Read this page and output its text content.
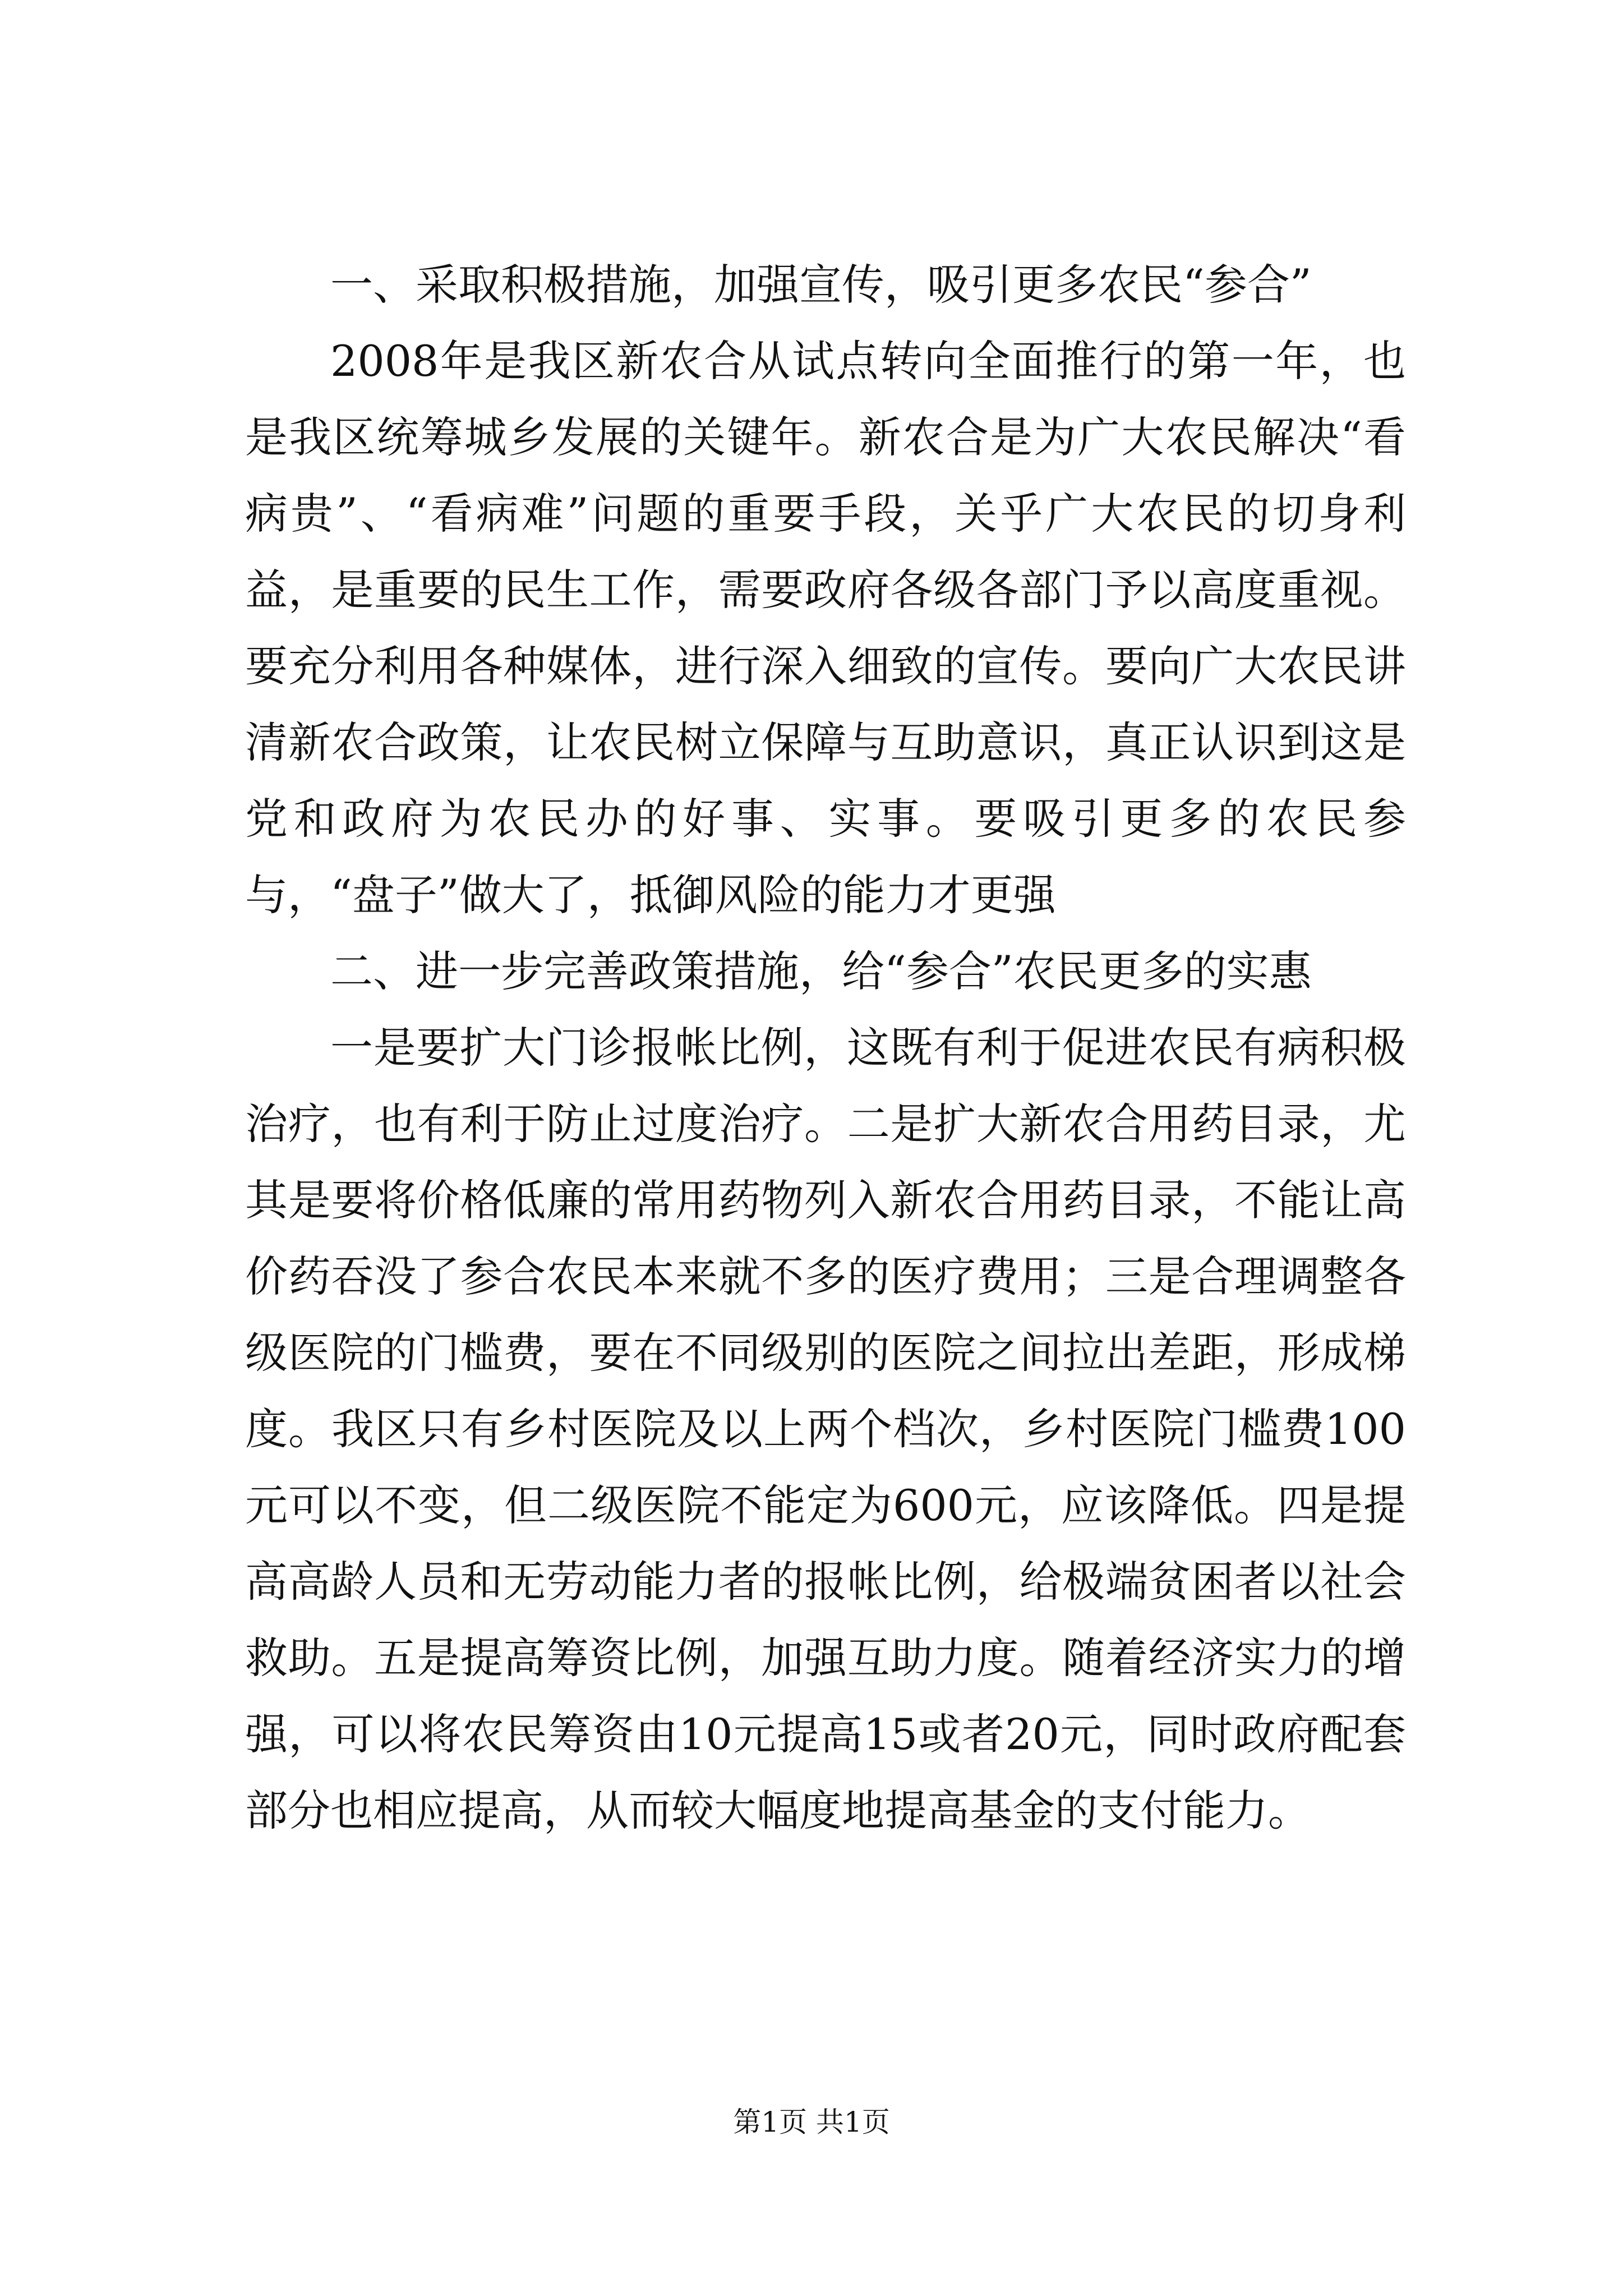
一、采取积极措施，加强宣传，吸引更多农民“参合”

2008年是我区新农合从试点转向全面推行的第一年，也是我区统筹城乡发展的关键年。新农合是为广大农民解决“看病贵”、“看病难”问题的重要手段，关乎广大农民的切身利益，是重要的民生工作，需要政府各级各部门予以高度重视。要充分利用各种媒体，进行深入细致的宣传。要向广大农民讲清新农合政策，让农民树立保障与互助意识，真正认识到这是党和政府为农民办的好事、实事。要吸引更多的农民参与，“盘子”做大了，抵御风险的能力才更强

二、进一步完善政策措施，给“参合”农民更多的实惠

一是要扩大门诊报帐比例，这既有利于促进农民有病积极治疗，也有利于防止过度治疗。二是扩大新农合用药目录，尤其是要将价格低廉的常用药物列入新农合用药目录，不能让高价药吞没了参合农民本来就不多的医疗费用；三是合理调整各级医院的门槛费，要在不同级别的医院之间拉出差距，形成梯度。我区只有乡村医院及以上两个档次，乡村医院门槛费100元可以不变，但二级医院不能定为600元，应该降低。四是提高高龄人员和无劳动能力者的报帐比例，给极端贫困者以社会救助。五是提高筹资比例，加强互助力度。随着经济实力的增强，可以将农民筹资由10元提高15或者20元，同时政府配套部分也相应提高，从而较大幅度地提高基金的支付能力。

第1页 共1页
